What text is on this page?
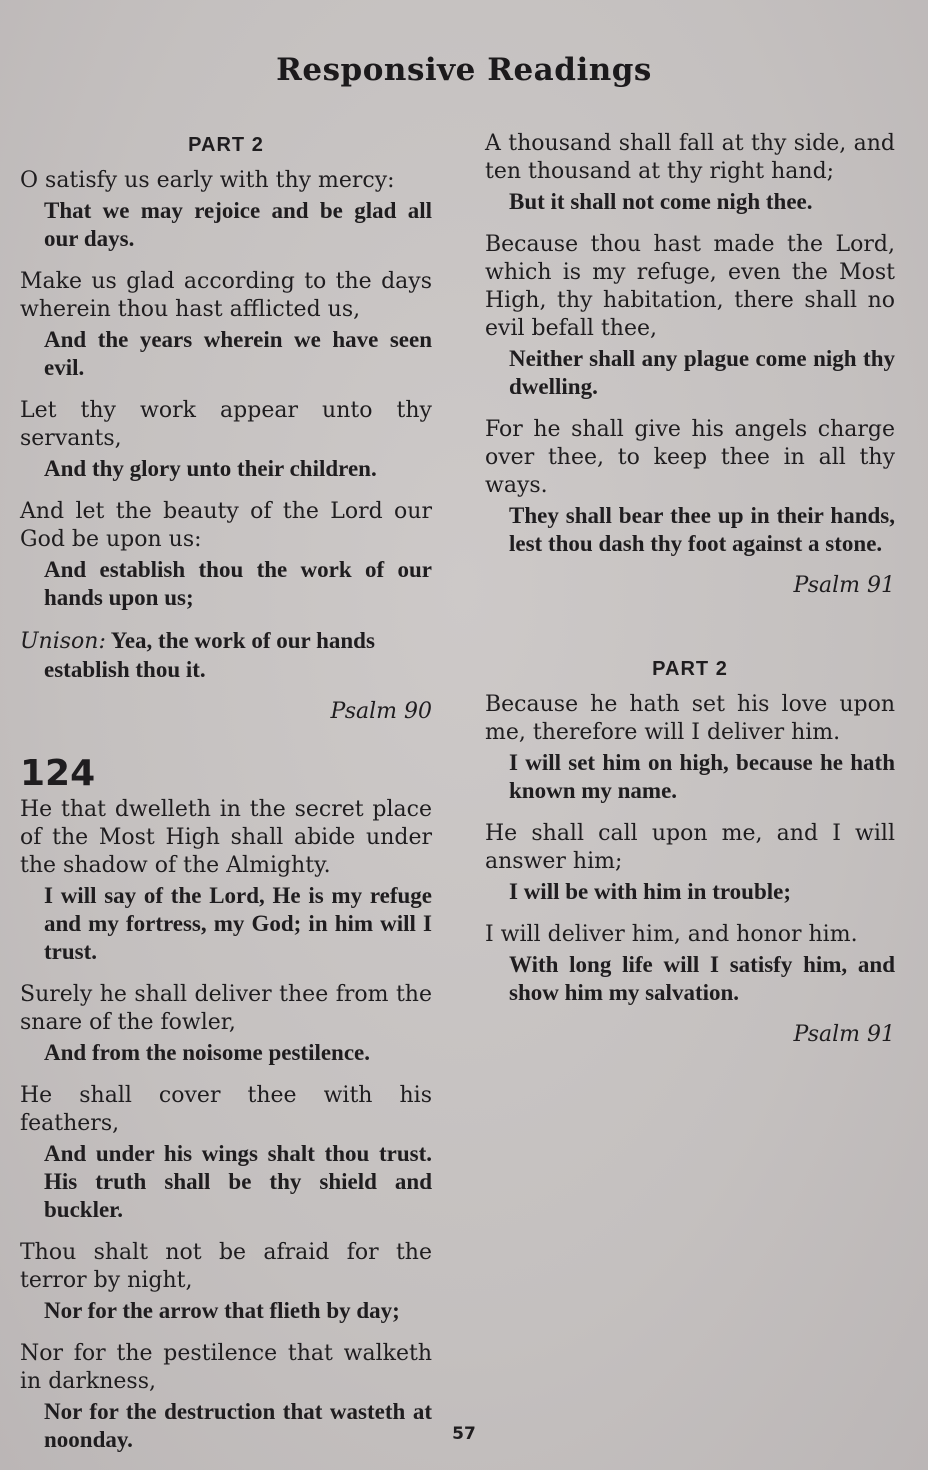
Responsive Readings
PART 2

O satisfy us early with thy mercy:

That we may rejoice and be glad all our days.

Make us glad according to the days wherein thou hast afflicted us,

And the years wherein we have seen evil.

Let thy work appear unto thy servants,

And thy glory unto their children.

And let the beauty of the Lord our God be upon us:

And establish thou the work of our hands upon us;

Unison: Yea, the work of our hands
establish thou it.

Psalm 90
124

He that dwelleth in the secret place of the Most High shall abide under the shadow of the Almighty.

I will say of the Lord, He is my refuge and my fortress, my God; in him will I trust.

Surely he shall deliver thee from the snare of the fowler,

And from the noisome pestilence.

He shall cover thee with his feathers,

And under his wings shalt thou trust. His truth shall be thy shield and buckler.

Thou shalt not be afraid for the terror by night,

Nor for the arrow that flieth by day;

Nor for the pestilence that walketh in darkness,

Nor for the destruction that wasteth at noonday.

A thousand shall fall at thy side, and ten thousand at thy right hand;

But it shall not come nigh thee.

Because thou hast made the Lord, which is my refuge, even the Most High, thy habitation, there shall no evil befall thee,

Neither shall any plague come nigh thy dwelling.

For he shall give his angels charge over thee, to keep thee in all thy ways.

They shall bear thee up in their hands, lest thou dash thy foot against a stone.

Psalm 91
PART 2

Because he hath set his love upon me, therefore will I deliver him.

I will set him on high, because he hath known my name.

He shall call upon me, and I will answer him;

I will be with him in trouble;

I will deliver him, and honor him.

With long life will I satisfy him, and show him my salvation.

Psalm 91
57
